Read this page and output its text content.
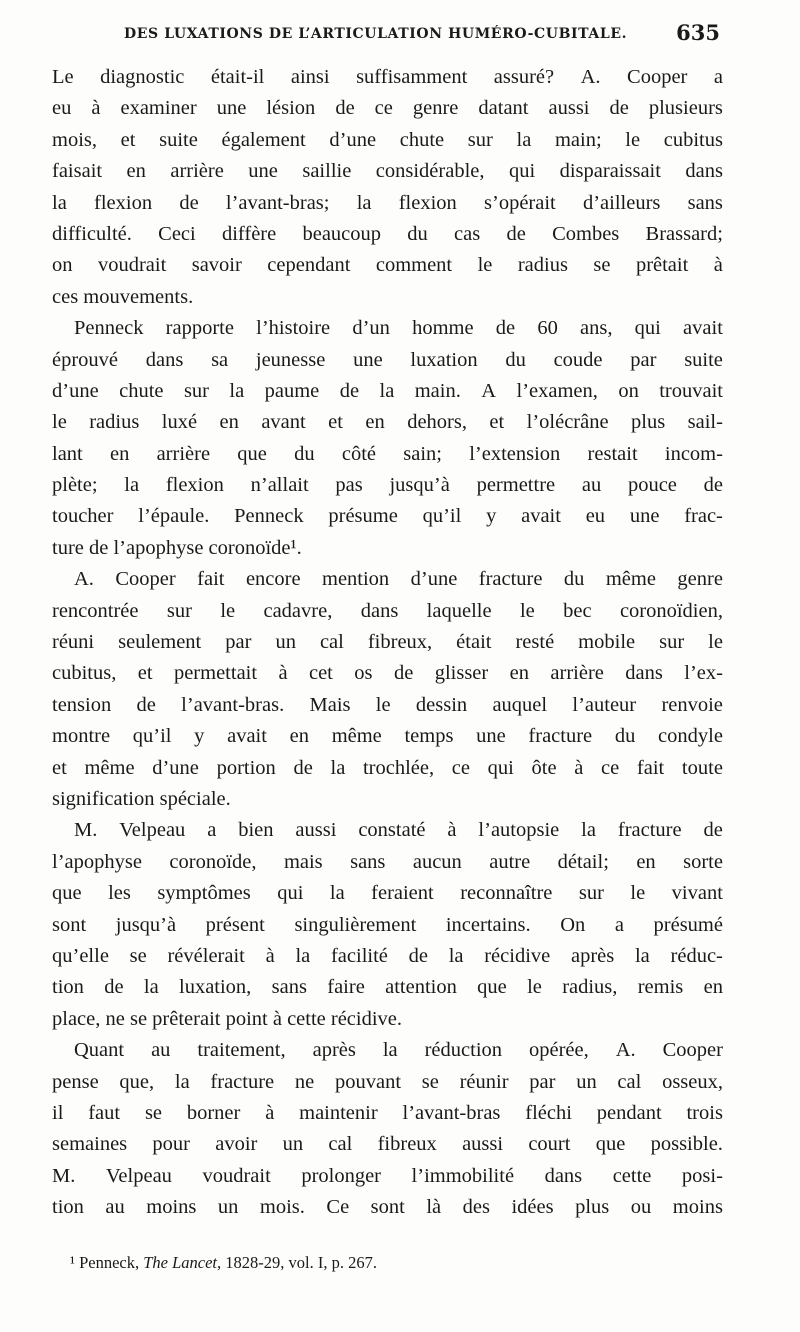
DES LUXATIONS DE L’ARTICULATION HUMÉRO-CUBITALE. 635
Le diagnostic était-il ainsi suffisamment assuré? A. Cooper a
eu à examiner une lésion de ce genre datant aussi de plusieurs
mois, et suite également d’une chute sur la main; le cubitus
faisait en arrière une saillie considérable, qui disparaissait dans
la flexion de l’avant-bras; la flexion s’opérait d’ailleurs sans
difficulté. Ceci diffère beaucoup du cas de Combes Brassard;
on voudrait savoir cependant comment le radius se prêtait à
ces mouvements.
Penneck rapporte l’histoire d’un homme de 60 ans, qui avait
éprouvé dans sa jeunesse une luxation du coude par suite
d’une chute sur la paume de la main. A l’examen, on trouvait
le radius luxé en avant et en dehors, et l’olécrâne plus sail-
lant en arrière que du côté sain; l’extension restait incom-
plète; la flexion n’allait pas jusqu’à permettre au pouce de
toucher l’épaule. Penneck présume qu’il y avait eu une frac-
ture de l’apophyse coronoïde¹.
A. Cooper fait encore mention d’une fracture du même genre
rencontrée sur le cadavre, dans laquelle le bec coronoïdien,
réuni seulement par un cal fibreux, était resté mobile sur le
cubitus, et permettait à cet os de glisser en arrière dans l’ex-
tension de l’avant-bras. Mais le dessin auquel l’auteur renvoie
montre qu’il y avait en même temps une fracture du condyle
et même d’une portion de la trochlée, ce qui ôte à ce fait toute
signification spéciale.
M. Velpeau a bien aussi constaté à l’autopsie la fracture de
l’apophyse coronoïde, mais sans aucun autre détail; en sorte
que les symptômes qui la feraient reconnaître sur le vivant
sont jusqu’à présent singulièrement incertains. On a présumé
qu’elle se révélerait à la facilité de la récidive après la réduc-
tion de la luxation, sans faire attention que le radius, remis en
place, ne se prêterait point à cette récidive.
Quant au traitement, après la réduction opérée, A. Cooper
pense que, la fracture ne pouvant se réunir par un cal osseux,
il faut se borner à maintenir l’avant-bras fléchi pendant trois
semaines pour avoir un cal fibreux aussi court que possible.
M. Velpeau voudrait prolonger l’immobilité dans cette posi-
tion au moins un mois. Ce sont là des idées plus ou moins
¹ Penneck, The Lancet, 1828-29, vol. I, p. 267.
